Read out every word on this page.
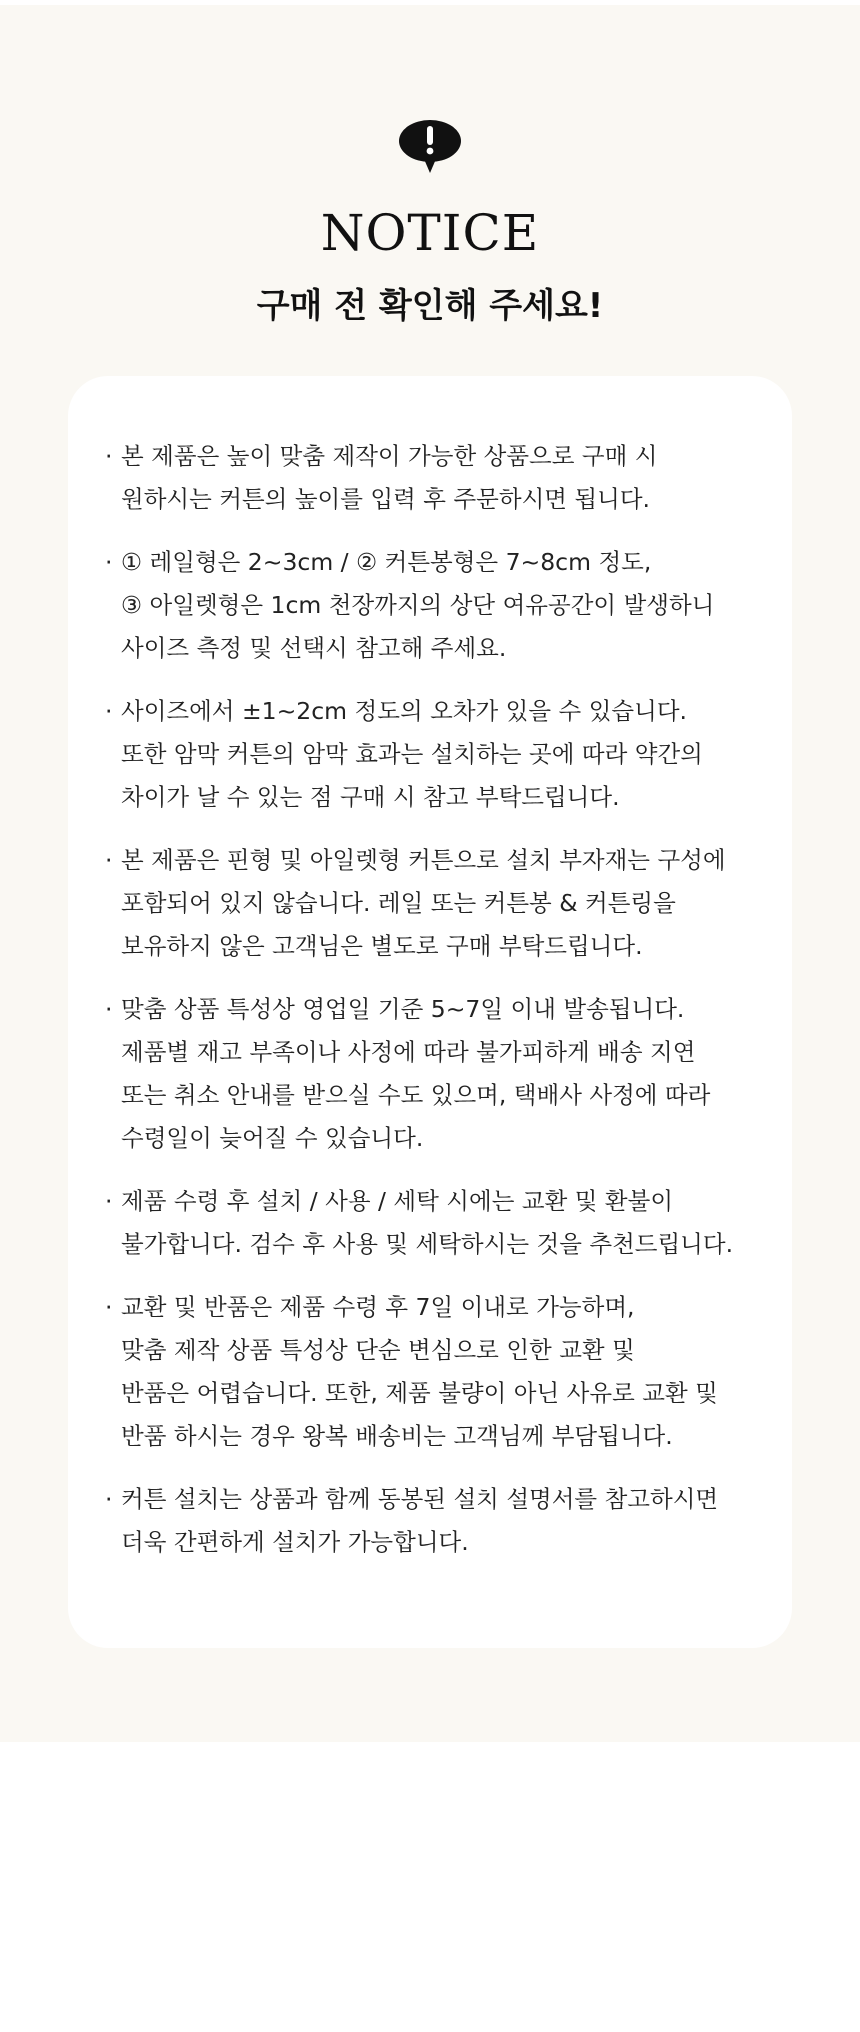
NOTICE
구매 전 확인해 주세요!
· 본 제품은 높이 맞춤 제작이 가능한 상품으로 구매 시
원하시는 커튼의 높이를 입력 후 주문하시면 됩니다.
· ① 레일형은 2~3cm / ② 커튼봉형은 7~8cm 정도,
③ 아일렛형은 1cm 천장까지의 상단 여유공간이 발생하니
사이즈 측정 및 선택시 참고해 주세요.
· 사이즈에서 ±1~2cm 정도의 오차가 있을 수 있습니다.
또한 암막 커튼의 암막 효과는 설치하는 곳에 따라 약간의
차이가 날 수 있는 점 구매 시 참고 부탁드립니다.
· 본 제품은 핀형 및 아일렛형 커튼으로 설치 부자재는 구성에
포함되어 있지 않습니다. 레일 또는 커튼봉 & 커튼링을
보유하지 않은 고객님은 별도로 구매 부탁드립니다.
· 맞춤 상품 특성상 영업일 기준 5~7일 이내 발송됩니다.
제품별 재고 부족이나 사정에 따라 불가피하게 배송 지연
또는 취소 안내를 받으실 수도 있으며, 택배사 사정에 따라
수령일이 늦어질 수 있습니다.
· 제품 수령 후 설치 / 사용 / 세탁 시에는 교환 및 환불이
불가합니다. 검수 후 사용 및 세탁하시는 것을 추천드립니다.
· 교환 및 반품은 제품 수령 후 7일 이내로 가능하며,
맞춤 제작 상품 특성상 단순 변심으로 인한 교환 및
반품은 어렵습니다. 또한, 제품 불량이 아닌 사유로 교환 및
반품 하시는 경우 왕복 배송비는 고객님께 부담됩니다.
· 커튼 설치는 상품과 함께 동봉된 설치 설명서를 참고하시면
더욱 간편하게 설치가 가능합니다.
